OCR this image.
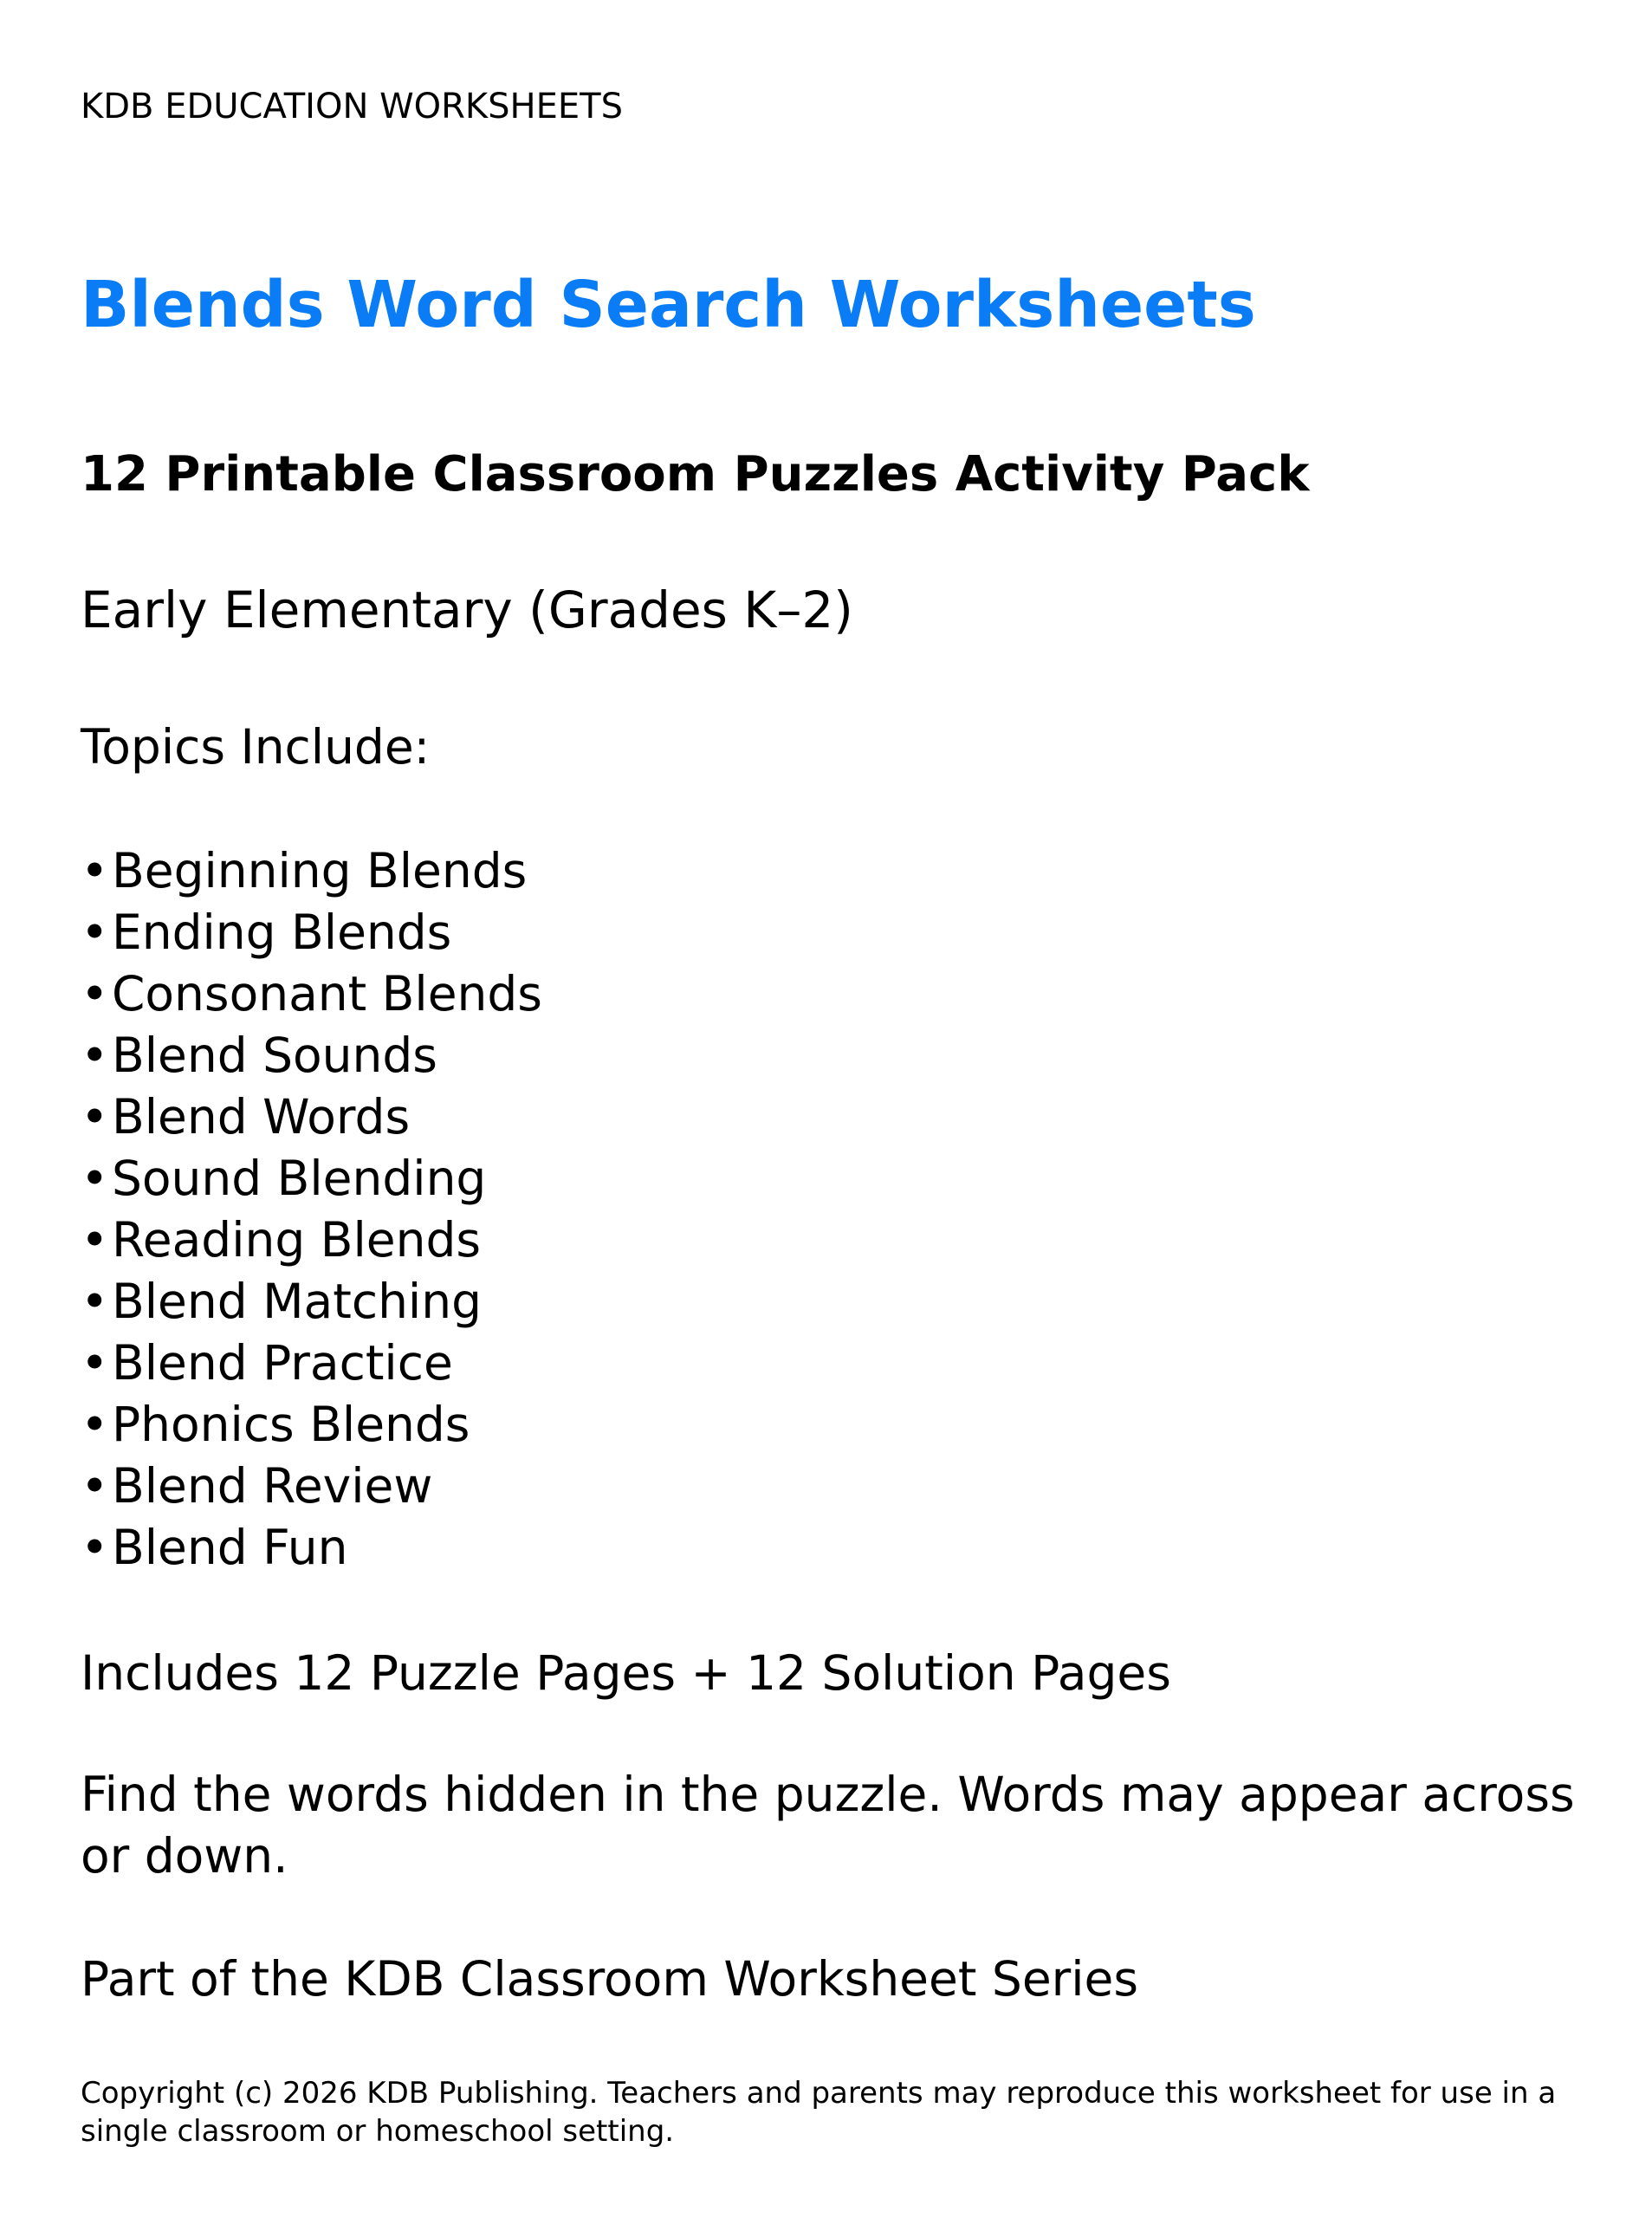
KDB EDUCATION WORKSHEETS

Blends Word Search Worksheets
12 Printable Classroom Puzzles Activity Pack

Early Elementary (Grades K–2)

Topics Include:

•Beginning Blends
•Ending Blends
•Consonant Blends
•Blend Sounds
•Blend Words
•Sound Blending
•Reading Blends
•Blend Matching
•Blend Practice
•Phonics Blends
•Blend Review
•Blend Fun

Includes 12 Puzzle Pages + 12 Solution Pages

Find the words hidden in the puzzle. Words may appear across or down.

Part of the KDB Classroom Worksheet Series

Copyright (c) 2026 KDB Publishing. Teachers and parents may reproduce this worksheet for use in a single classroom or homeschool setting.
